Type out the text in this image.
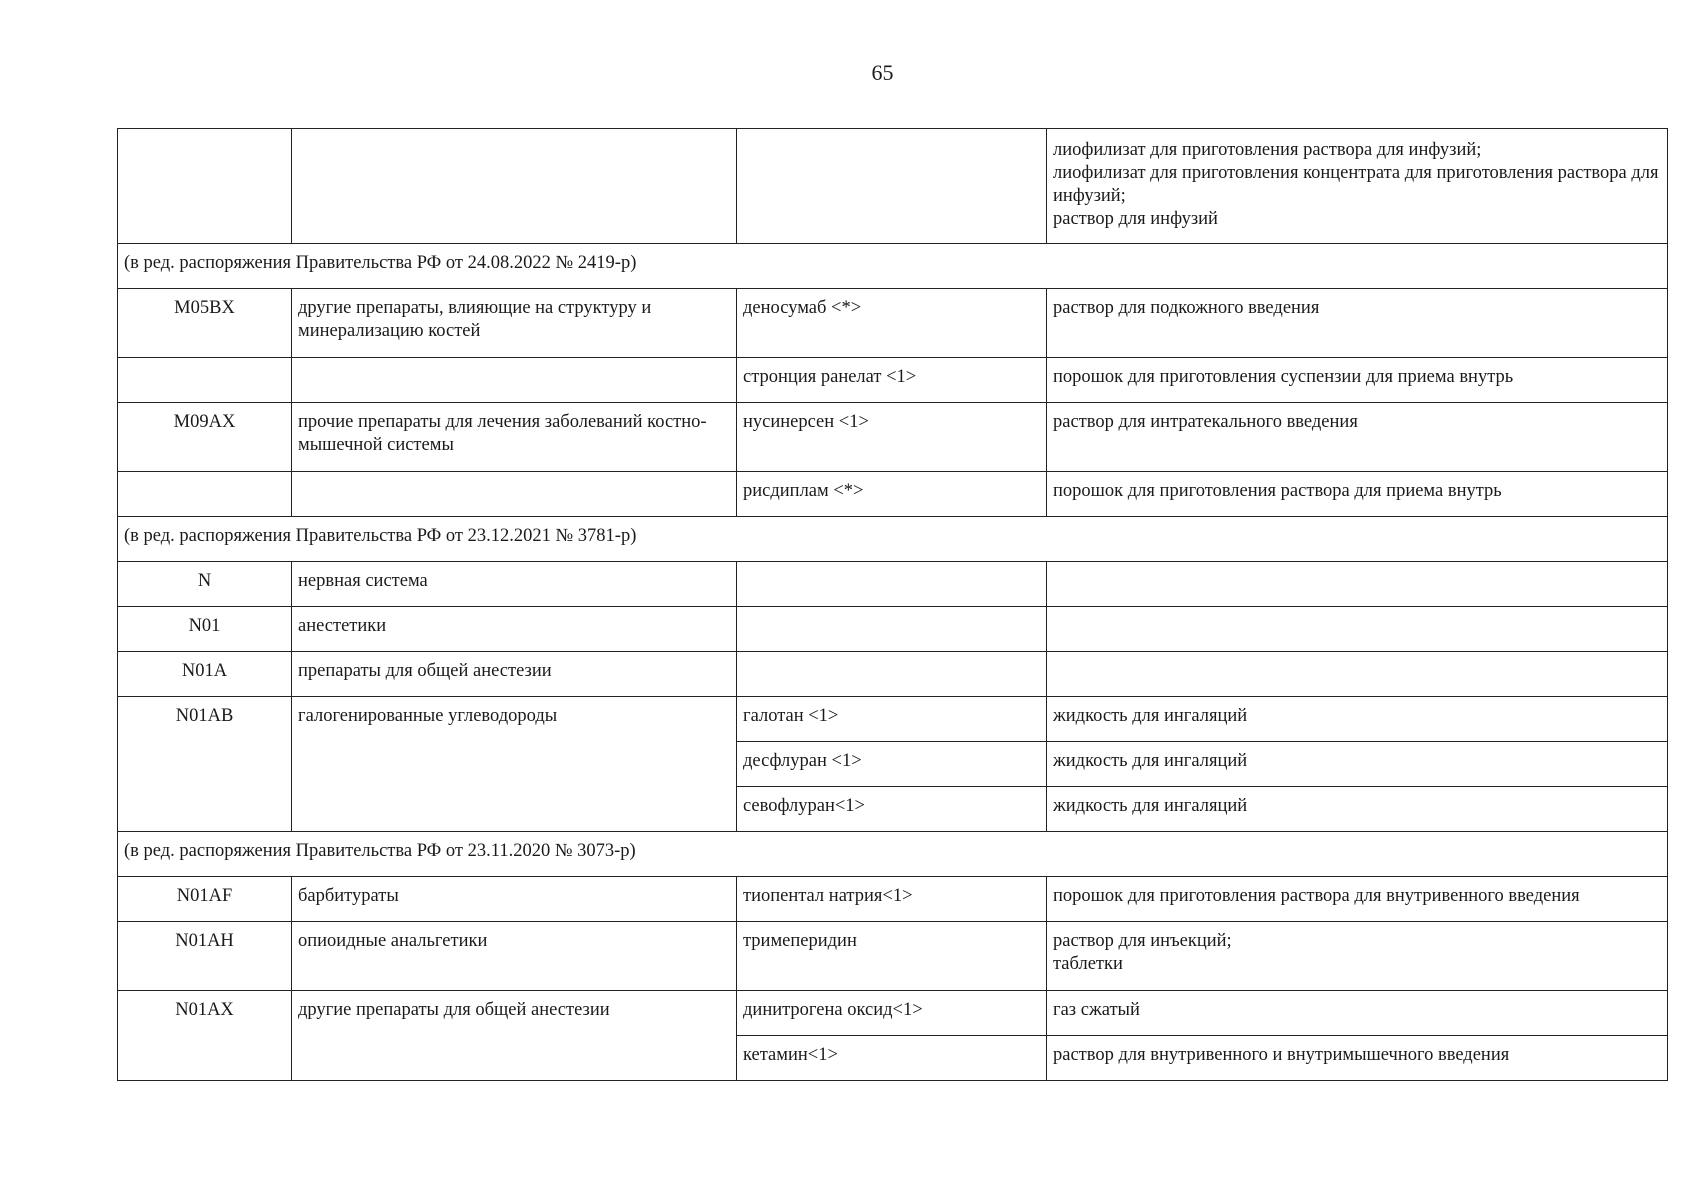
65

			лиофилизат для приготовления раствора для инфузий;
лиофилизат для приготовления концентрата для приготовления раствора для инфузий;
раствор для инфузий

(в ред. распоряжения Правительства РФ от 24.08.2022 № 2419-р)			
M05BX	другие препараты, влияющие на структуру и минерализацию костей	деносумаб <*>	раствор для подкожного введения
		стронция ранелат <1>	порошок для приготовления суспензии для приема внутрь
M09AX	прочие препараты для лечения заболеваний костно-мышечной системы	нусинерсен <1>	раствор для интратекального введения
		рисдиплам <*>	порошок для приготовления раствора для приема внутрь
(в ред. распоряжения Правительства РФ от 23.12.2021 № 3781-р)			
N	нервная система		
N01	анестетики		
N01A	препараты для общей анестезии		
N01AB	галогенированные углеводороды	галотан <1>	жидкость для ингаляций
		десфлуран <1>	жидкость для ингаляций
		севофлуран<1>	жидкость для ингаляций
(в ред. распоряжения Правительства РФ от 23.11.2020 № 3073-р)			
N01AF	барбитураты	тиопентал натрия<1>	порошок для приготовления раствора для внутривенного введения
N01AH	опиоидные анальгетики	тримеперидин	раствор для инъекций;
таблетки

N01AX	другие препараты для общей анестезии	динитрогена оксид<1>	газ сжатый
		кетамин<1>	раствор для внутривенного и внутримышечного введения
